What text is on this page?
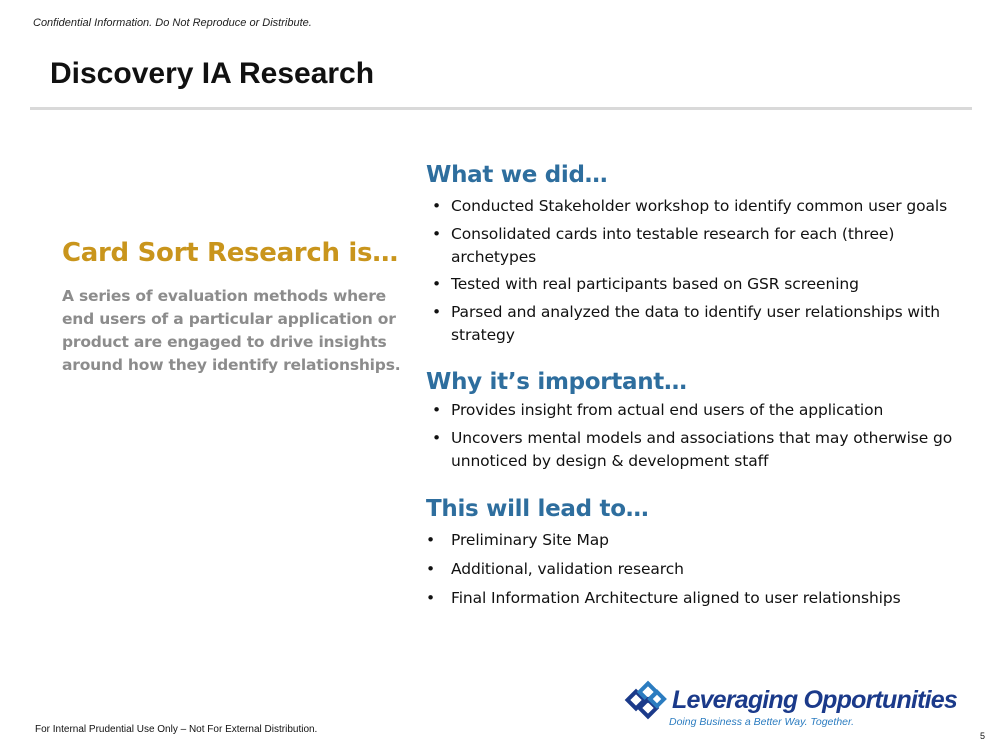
Confidential Information. Do Not Reproduce or Distribute.
Discovery IA Research
Card Sort Research is…

A series of evaluation methods where end users of a particular application or product are engaged to drive insights around how they identify relationships.

What we did…
• Conducted Stakeholder workshop to identify common user goals
• Consolidated cards into testable research for each (three) archetypes
• Tested with real participants based on GSR screening
• Parsed and analyzed the data to identify user relationships with strategy
Why it’s important…
• Provides insight from actual end users of the application
• Uncovers mental models and associations that may otherwise go unnoticed by design & development staff
This will lead to…
• Preliminary Site Map
• Additional, validation research
• Final Information Architecture aligned to user relationships
Leveraging Opportunities
Doing Business a Better Way. Together.
For Internal Prudential Use Only – Not For External Distribution.
5
